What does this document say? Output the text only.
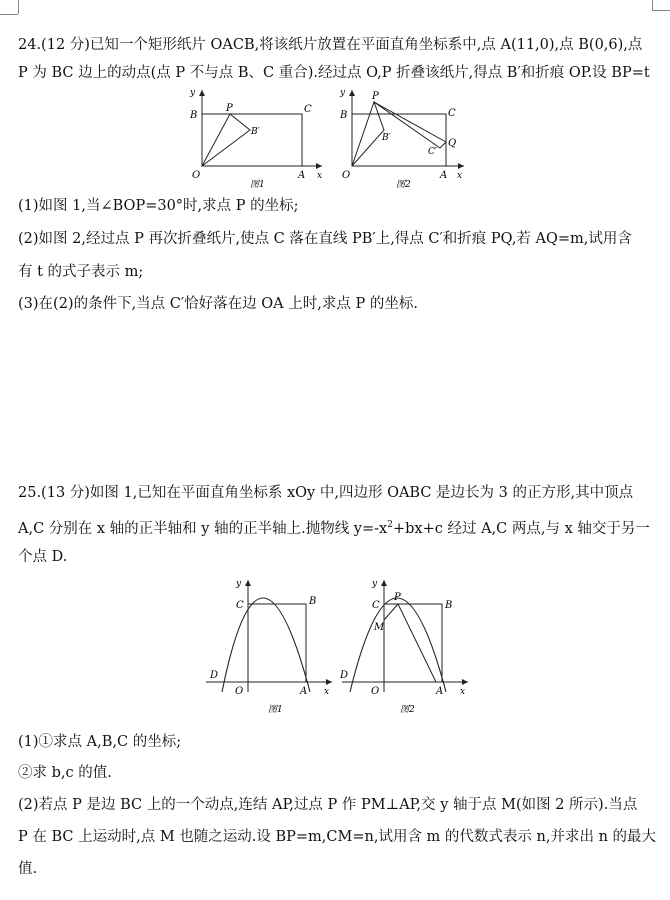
24.(12 分)已知一个矩形纸片 OACB,将该纸片放置在平面直角坐标系中,点 A(11,0),点 B(0,6),点
P 为 BC 边上的动点(点 P 不与点 B、C 重合).经过点 O,P 折叠该纸片,得点 B′和折痕 OP.设 BP=t
y
x
O	A
B
C
P
B′
图1
y
x
O	A
B	C
P
B′
C′
Q
图2
(1)如图 1,当∠BOP=30°时,求点 P 的坐标;
(2)如图 2,经过点 P 再次折叠纸片,使点 C 落在直线 PB′上,得点 C′和折痕 PQ,若 AQ=m,试用含
有 t 的式子表示 m;
(3)在(2)的条件下,当点 C′恰好落在边 OA 上时,求点 P 的坐标.
25.(13 分)如图 1,已知在平面直角坐标系 xOy 中,四边形 OABC 是边长为 3 的正方形,其中顶点
A,C 分别在 x 轴的正半轴和 y 轴的正半轴上.抛物线 $y=-x^2+bx+c$ 经过 A,C 两点,与 x 轴交于另一
个点 D.
y
x
O
D
A
B
C
图1
y
x
O
D
A
B
C
P
M
图2
(1)①求点 A,B,C 的坐标;
②求 b,c 的值.
(2)若点 P 是边 BC 上的一个动点,连结 AP,过点 P 作 PM⊥AP,交 y 轴于点 M(如图 2 所示).当点
P 在 BC 上运动时,点 M 也随之运动.设 BP=m,CM=n,试用含 m 的代数式表示 n,并求出 n 的最大
值.
